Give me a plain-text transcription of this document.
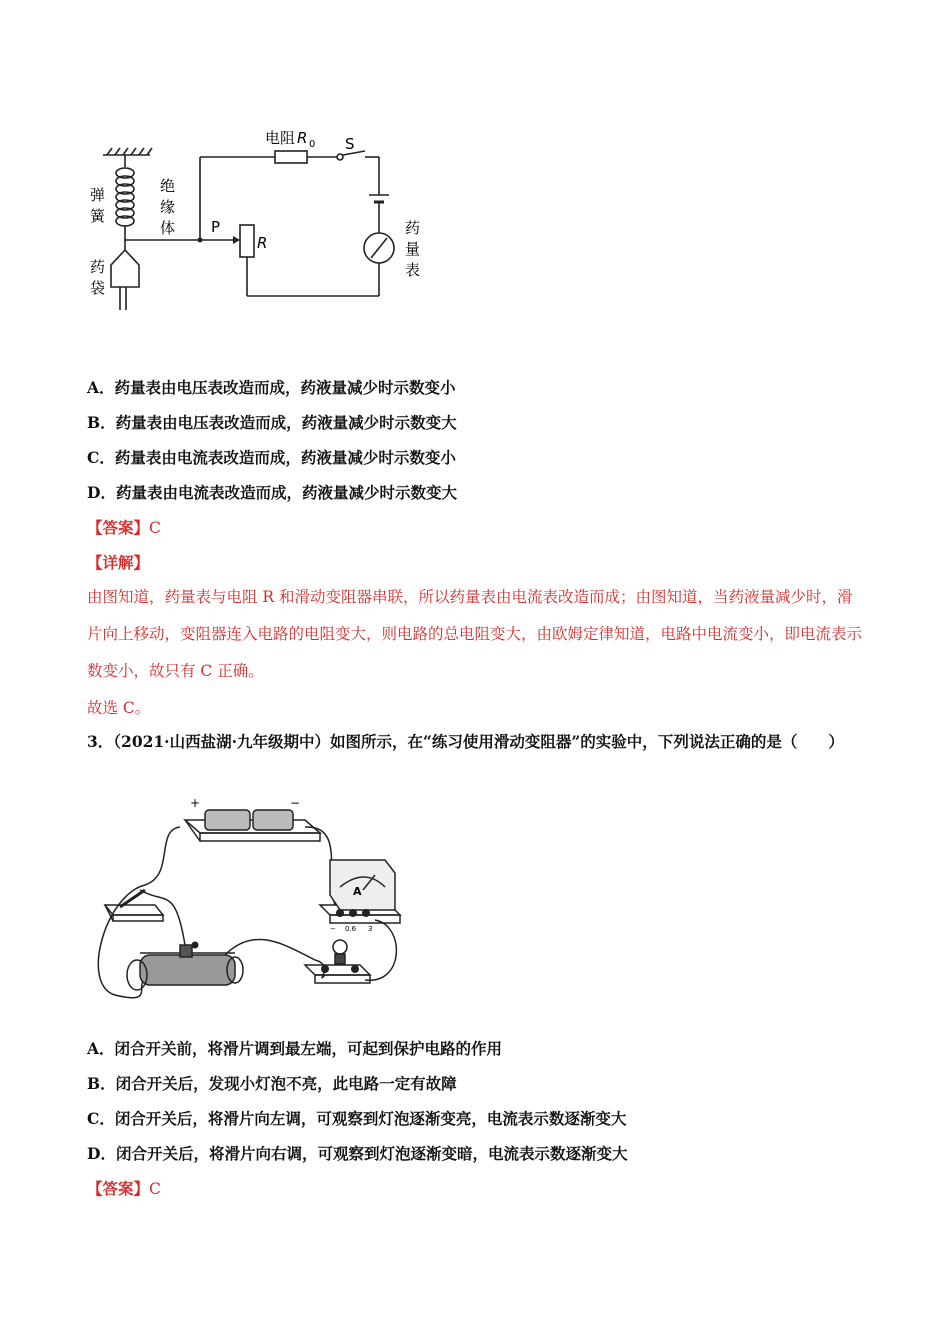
电阻 R 0 S
弹
簧
绝
缘
体 P
R
药
袋
药
量
表
A．药量表由电压表改造而成，药液量减少时示数变小
B．药量表由电压表改造而成，药液量减少时示数变大
C．药量表由电流表改造而成，药液量减少时示数变小
D．药量表由电流表改造而成，药液量减少时示数变大
【答案】C
【详解】
由图知道，药量表与电阻 R 和滑动变阻器串联，所以药量表由电流表改造而成；由图知道，当药液量减少时，滑片向上移动，变阻器连入电路的电阻变大，则电路的总电阻变大，由欧姆定律知道，电路中电流变小，即电流表示数变小，故只有 C 正确。
故选 C。
3．（2021·山西盐湖·九年级期中）如图所示，在“练习使用滑动变阻器”的实验中，下列说法正确的是（　　）
+	−
A
− 0.6 3
A．闭合开关前，将滑片调到最左端，可起到保护电路的作用
B．闭合开关后，发现小灯泡不亮，此电路一定有故障
C．闭合开关后，将滑片向左调，可观察到灯泡逐渐变亮，电流表示数逐渐变大
D．闭合开关后，将滑片向右调，可观察到灯泡逐渐变暗，电流表示数逐渐变大
【答案】C
